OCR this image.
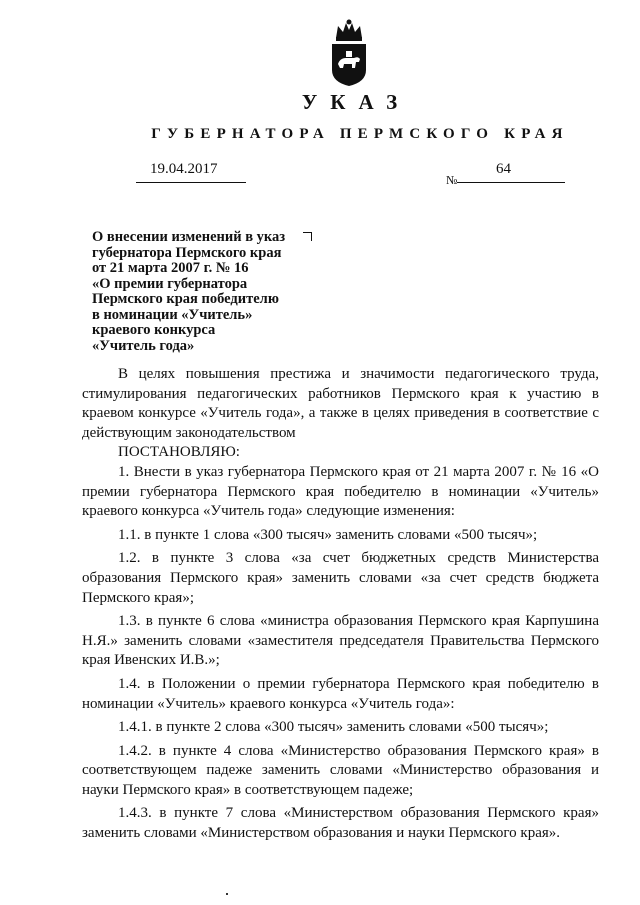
УКАЗ
ГУБЕРНАТОРА ПЕРМСКОГО КРАЯ
19.04.2017
№
64
О внесении изменений в указ
губернатора Пермского края
от 21 марта 2007 г. № 16
«О премии губернатора
Пермского края победителю
в номинации «Учитель»
краевого конкурса
«Учитель года»

В целях повышения престижа и значимости педагогического труда, стимулирования педагогических работников Пермского края к участию в краевом конкурсе «Учитель года», а также в целях приведения в соответствие с действующим законодательством

ПОСТАНОВЛЯЮ:

1. Внести в указ губернатора Пермского края от 21 марта 2007 г. № 16 «О премии губернатора Пермского края победителю в номинации «Учитель» краевого конкурса «Учитель года» следующие изменения:

1.1. в пункте 1 слова «300 тысяч» заменить словами «500 тысяч»;

1.2. в пункте 3 слова «за счет бюджетных средств Министерства образования Пермского края» заменить словами «за счет средств бюджета Пермского края»;

1.3. в пункте 6 слова «министра образования Пермского края Карпушина Н.Я.» заменить словами «заместителя председателя Правительства Пермского края Ивенских И.В.»;

1.4. в Положении о премии губернатора Пермского края победителю в номинации «Учитель» краевого конкурса «Учитель года»:

1.4.1. в пункте 2 слова «300 тысяч» заменить словами «500 тысяч»;

1.4.2. в пункте 4 слова «Министерство образования Пермского края» в соответствующем падеже заменить словами «Министерство образования и науки Пермского края» в соответствующем падеже;

1.4.3. в пункте 7 слова «Министерством образования Пермского края» заменить словами «Министерством образования и науки Пермского края».
